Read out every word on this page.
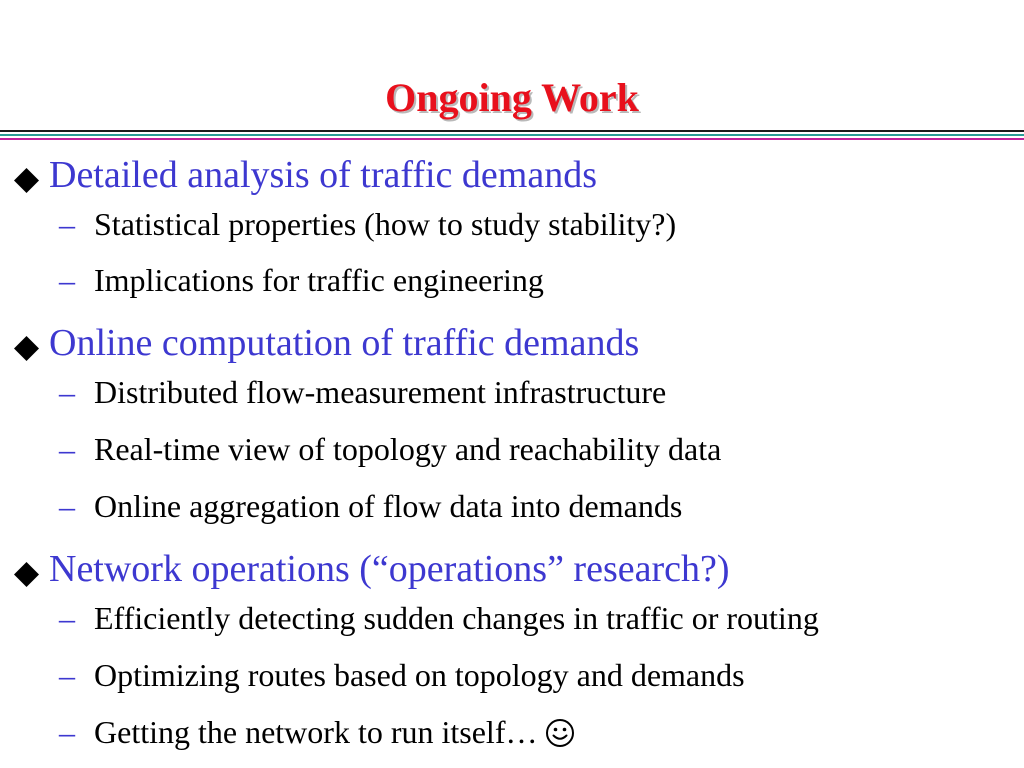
Ongoing Work
Detailed analysis of traffic demands
– Statistical properties (how to study stability?)
– Implications for traffic engineering
Online computation of traffic demands
– Distributed flow-measurement infrastructure
– Real-time view of topology and reachability data
– Online aggregation of flow data into demands
Network operations (“operations” research?)
– Efficiently detecting sudden changes in traffic or routing
– Optimizing routes based on topology and demands
– Getting the network to run itself…
